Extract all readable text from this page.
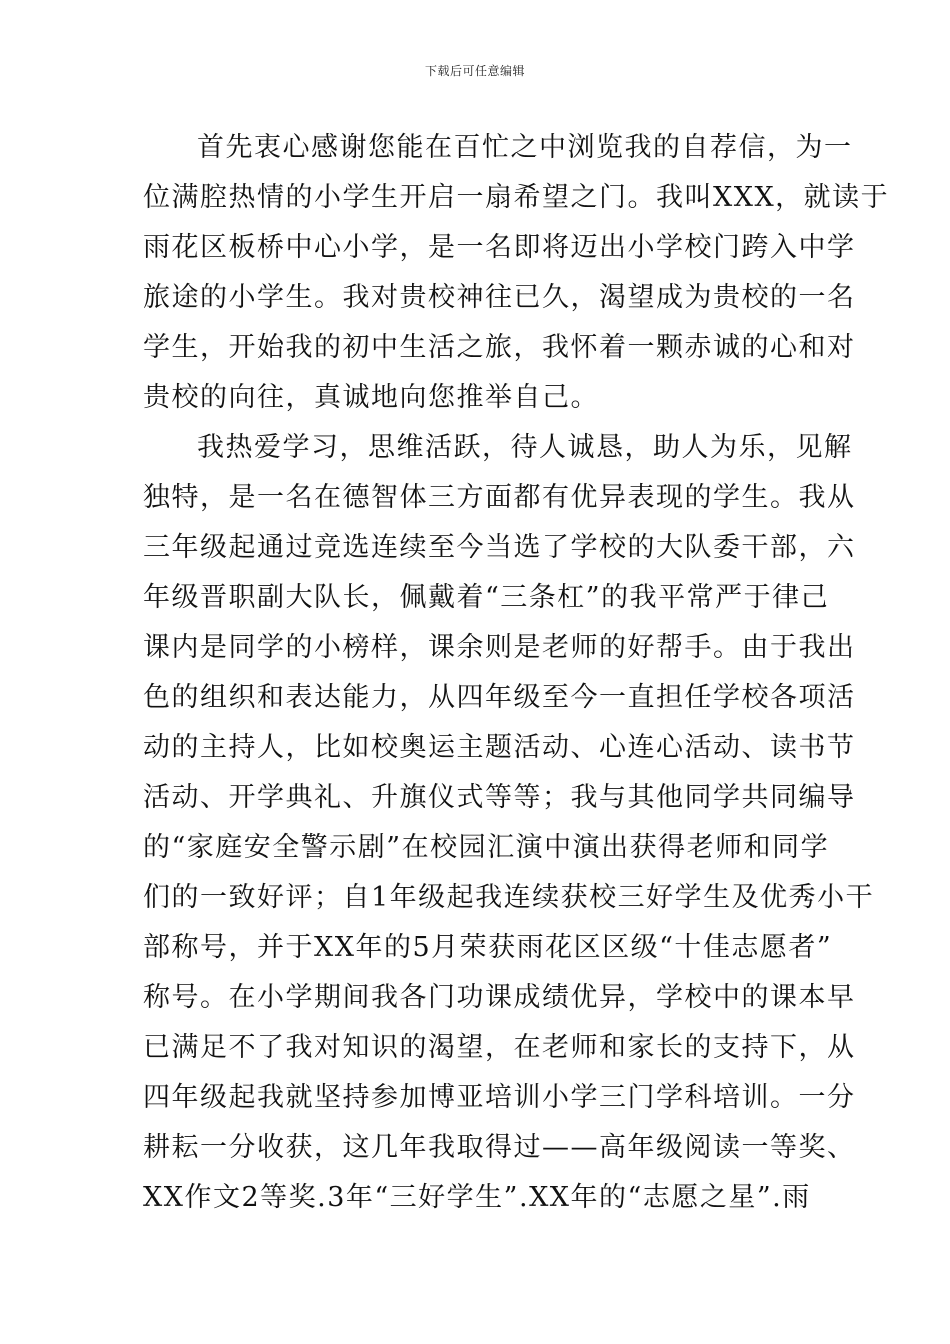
下载后可任意编辑
首先衷心感谢您能在百忙之中浏览我的自荐信，为一
位满腔热情的小学生开启一扇希望之门。我叫XXX，就读于
雨花区板桥中心小学，是一名即将迈出小学校门跨入中学
旅途的小学生。我对贵校神往已久，渴望成为贵校的一名
学生，开始我的初中生活之旅，我怀着一颗赤诚的心和对
贵校的向往，真诚地向您推举自己。
我热爱学习，思维活跃，待人诚恳，助人为乐，见解
独特，是一名在德智体三方面都有优异表现的学生。我从
三年级起通过竞选连续至今当选了学校的大队委干部，六
年级晋职副大队长，佩戴着“三条杠”的我平常严于律己
课内是同学的小榜样，课余则是老师的好帮手。由于我出
色的组织和表达能力，从四年级至今一直担任学校各项活
动的主持人，比如校奥运主题活动、心连心活动、读书节
活动、开学典礼、升旗仪式等等；我与其他同学共同编导
的“家庭安全警示剧”在校园汇演中演出获得老师和同学
们的一致好评；自1年级起我连续获校三好学生及优秀小干
部称号，并于XX年的5月荣获雨花区区级“十佳志愿者”
称号。在小学期间我各门功课成绩优异，学校中的课本早
已满足不了我对知识的渴望，在老师和家长的支持下，从
四年级起我就坚持参加博亚培训小学三门学科培训。一分
耕耘一分收获，这几年我取得过——高年级阅读一等奖、
XX作文2等奖.3年“三好学生”.XX年的“志愿之星”.雨
